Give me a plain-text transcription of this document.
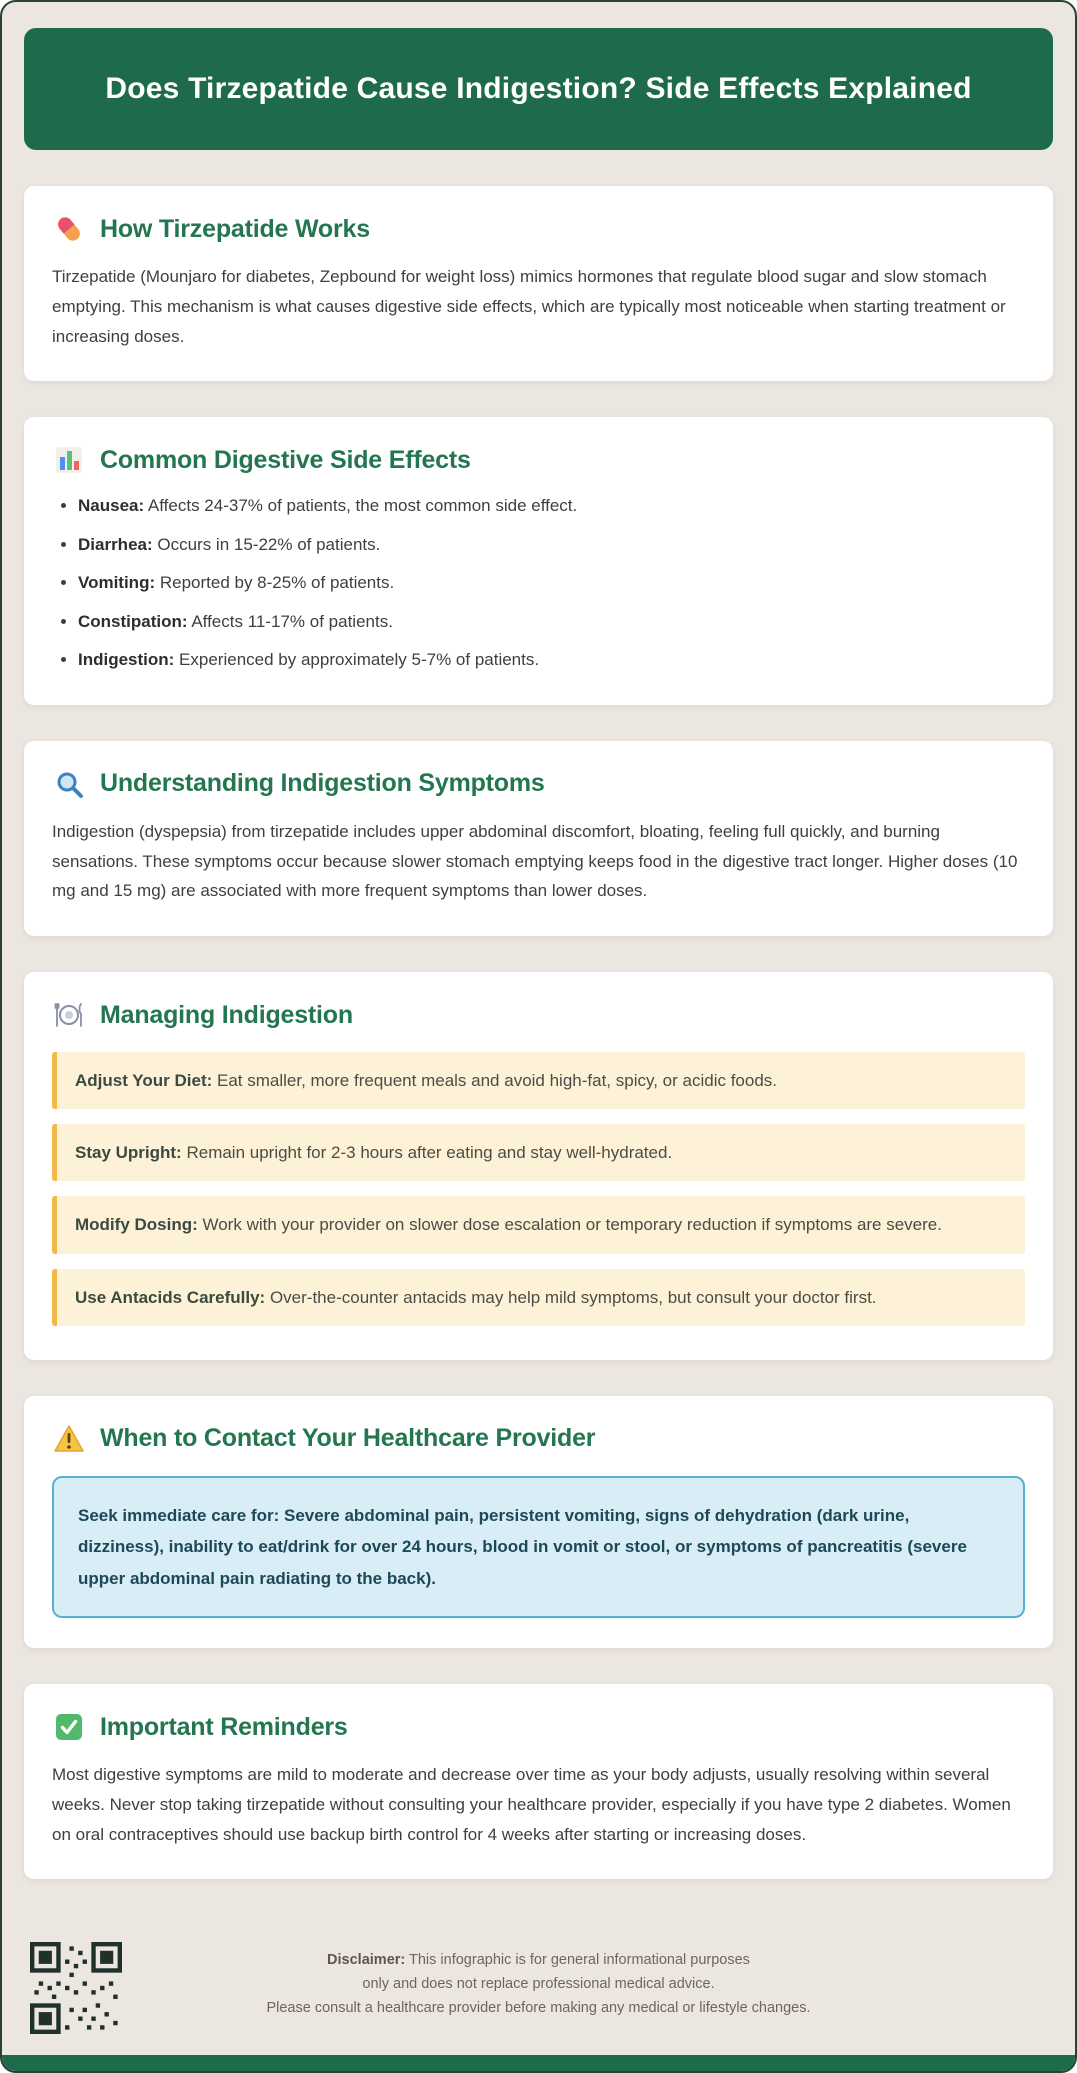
Does Tirzepatide Cause Indigestion? Side Effects Explained
How Tirzepatide Works

Tirzepatide (Mounjaro for diabetes, Zepbound for weight loss) mimics hormones that regulate blood sugar and slow stomach emptying. This mechanism is what causes digestive side effects, which are typically most noticeable when starting treatment or increasing doses.

Common Digestive Side Effects
• Nausea: Affects 24-37% of patients, the most common side effect.
• Diarrhea: Occurs in 15-22% of patients.
• Vomiting: Reported by 8-25% of patients.
• Constipation: Affects 11-17% of patients.
• Indigestion: Experienced by approximately 5-7% of patients.
Understanding Indigestion Symptoms

Indigestion (dyspepsia) from tirzepatide includes upper abdominal discomfort, bloating, feeling full quickly, and burning sensations. These symptoms occur because slower stomach emptying keeps food in the digestive tract longer. Higher doses (10 mg and 15 mg) are associated with more frequent symptoms than lower doses.

Managing Indigestion
Adjust Your Diet: Eat smaller, more frequent meals and avoid high-fat, spicy, or acidic foods.
Stay Upright: Remain upright for 2-3 hours after eating and stay well-hydrated.
Modify Dosing: Work with your provider on slower dose escalation or temporary reduction if symptoms are severe.
Use Antacids Carefully: Over-the-counter antacids may help mild symptoms, but consult your doctor first.
When to Contact Your Healthcare Provider

Seek immediate care for: Severe abdominal pain, persistent vomiting, signs of dehydration (dark urine, dizziness), inability to eat/drink for over 24 hours, blood in vomit or stool, or symptoms of pancreatitis (severe upper abdominal pain radiating to the back).

Important Reminders

Most digestive symptoms are mild to moderate and decrease over time as your body adjusts, usually resolving within several weeks. Never stop taking tirzepatide without consulting your healthcare provider, especially if you have type 2 diabetes. Women on oral contraceptives should use backup birth control for 4 weeks after starting or increasing doses.

Disclaimer: This infographic is for general informational purposes
only and does not replace professional medical advice.
Please consult a healthcare provider before making any medical or lifestyle changes.
